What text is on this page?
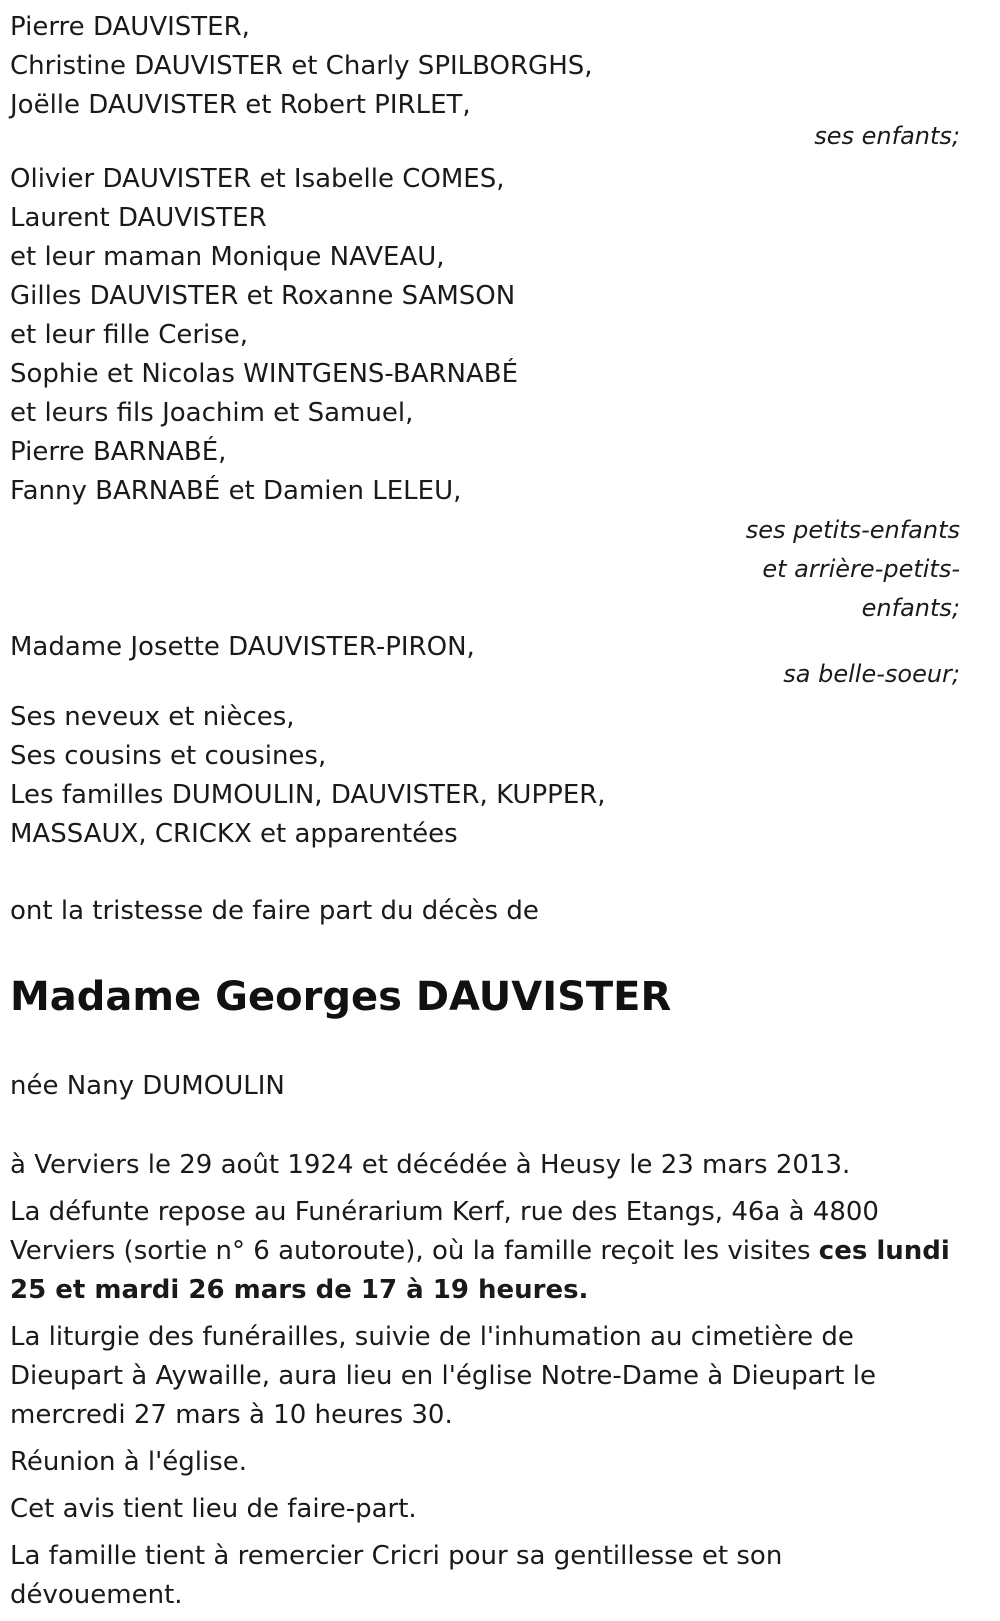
Pierre DAUVISTER,
Christine DAUVISTER et Charly SPILBORGHS,
Joëlle DAUVISTER et Robert PIRLET,
ses enfants;
Olivier DAUVISTER et Isabelle COMES,
Laurent DAUVISTER
et leur maman Monique NAVEAU,
Gilles DAUVISTER et Roxanne SAMSON
et leur fille Cerise,
Sophie et Nicolas WINTGENS-BARNABÉ
et leurs fils Joachim et Samuel,
Pierre BARNABÉ,
Fanny BARNABÉ et Damien LELEU,
ses petits-enfants
et arrière-petits-
enfants;
Madame Josette DAUVISTER-PIRON,
sa belle-soeur;
Ses neveux et nièces,
Ses cousins et cousines,
Les familles DUMOULIN, DAUVISTER, KUPPER,
MASSAUX, CRICKX et apparentées
ont la tristesse de faire part du décès de
Madame Georges DAUVISTER
née Nany DUMOULIN
à Verviers le 29 août 1924 et décédée à Heusy le 23 mars 2013.
La défunte repose au Funérarium Kerf, rue des Etangs, 46a à 4800 Verviers (sortie n° 6 autoroute), où la famille reçoit les visites ces lundi 25 et mardi 26 mars de 17 à 19 heures.
La liturgie des funérailles, suivie de l'inhumation au cimetière de Dieupart à Aywaille, aura lieu en l'église Notre-Dame à Dieupart le mercredi 27 mars à 10 heures 30.
Réunion à l'église.
Cet avis tient lieu de faire-part.
La famille tient à remercier Cricri pour sa gentillesse et son dévouement.
